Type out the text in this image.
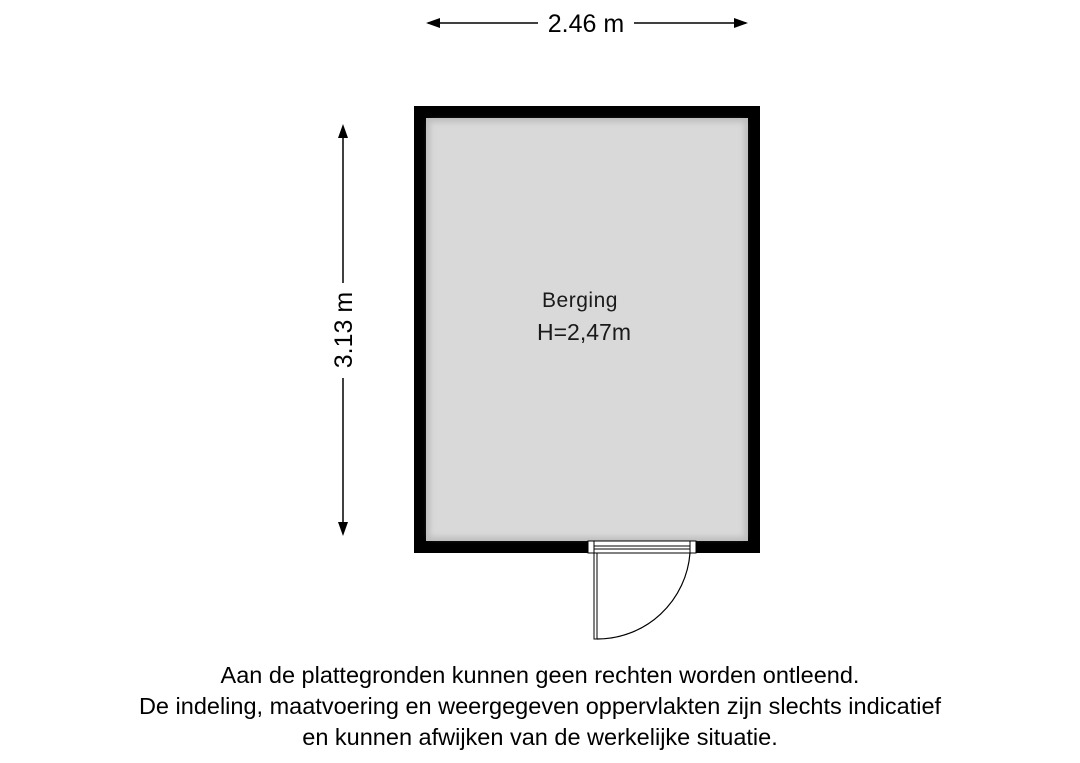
2.46 m
3.13 m	Berging
H=2,47m
Aan de plattegronden kunnen geen rechten worden ontleend.
De indeling, maatvoering en weergegeven oppervlakten zijn slechts indicatief
en kunnen afwijken van de werkelijke situatie.
